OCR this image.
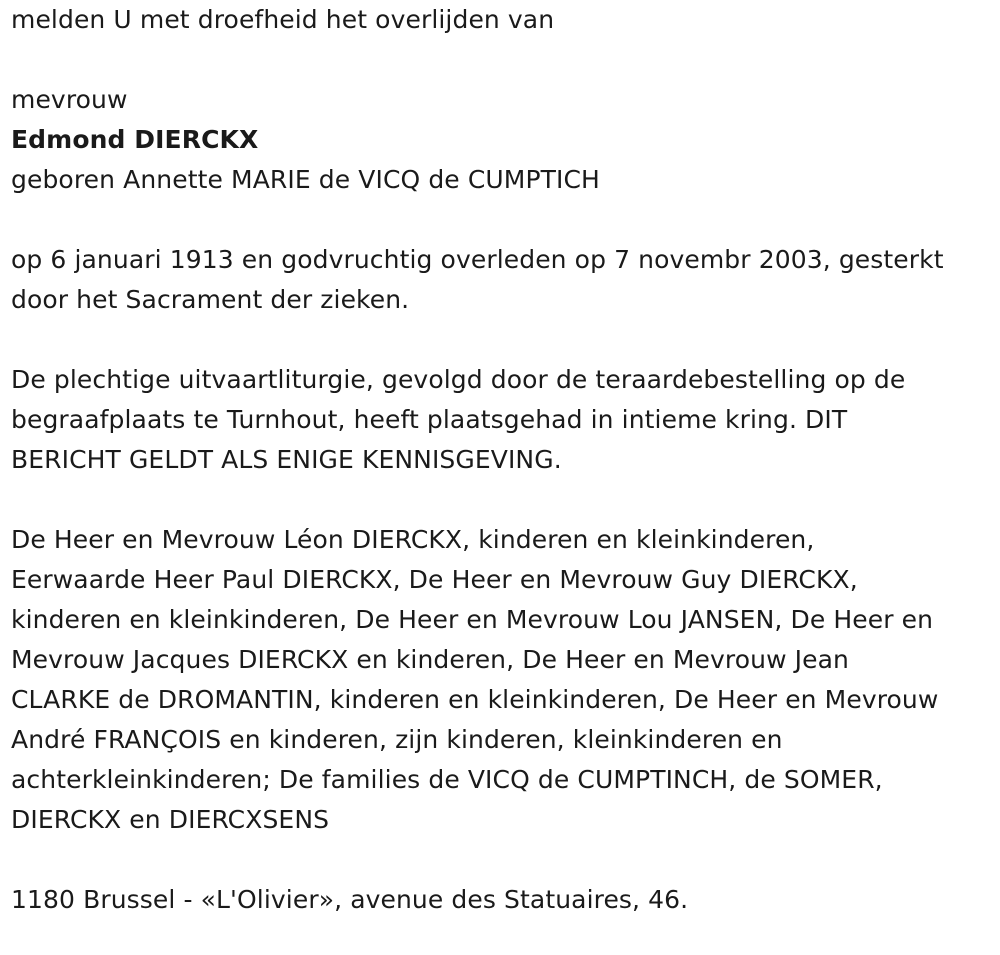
melden U met droefheid het overlijden van

mevrouw

Edmond DIERCKX

geboren Annette MARIE de VICQ de CUMPTICH

op 6 januari 1913 en godvruchtig overleden op 7 novembr 2003, gesterkt
door het Sacrament der zieken.
De plechtige uitvaartliturgie, gevolgd door de teraardebestelling op de
begraafplaats te Turnhout, heeft plaatsgehad in intieme kring. DIT
BERICHT GELDT ALS ENIGE KENNISGEVING.
De Heer en Mevrouw Léon DIERCKX, kinderen en kleinkinderen,
Eerwaarde Heer Paul DIERCKX, De Heer en Mevrouw Guy DIERCKX,
kinderen en kleinkinderen, De Heer en Mevrouw Lou JANSEN, De Heer en
Mevrouw Jacques DIERCKX en kinderen, De Heer en Mevrouw Jean
CLARKE de DROMANTIN, kinderen en kleinkinderen, De Heer en Mevrouw
André FRANÇOIS en kinderen, zijn kinderen, kleinkinderen en
achterkleinkinderen; De families de VICQ de CUMPTINCH, de SOMER,
DIERCKX en DIERCXSENS

1180 Brussel - «L'Olivier», avenue des Statuaires, 46.
